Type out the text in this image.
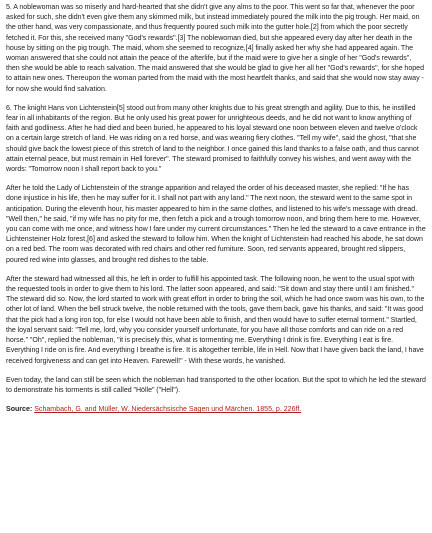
5. A noblewoman was so miserly and hard-hearted that she didn't give any alms to the poor. This went so far that, whenever the poor asked for such, she didn't even give them any skimmed milk, but instead immediately poured the milk into the pig trough. Her maid, on the other hand, was very compassionate, and thus frequently poured such milk into the gutter hole.[2] from which the poor secretly fetched it. For this, she received many "God's rewards".[3] The noblewoman died, but she appeared every day after her death in the house by sitting on the pig trough. The maid, whom she seemed to recognize,[4] finally asked her why she had appeared again. The woman answered that she could not attain the peace of the afterlife, but if the maid were to give her a single of her "God's rewards", then she would be able to reach salvation. The maid answered that she would be glad to give her all her "God's rewards", for she hoped to attain new ones. Thereupon the woman parted from the maid with the most heartfelt thanks, and said that she would now stay away - for now she would find salvation.

6. The knight Hans von Lichtenstein[5] stood out from many other knights due to his great strength and agility. Due to this, he instilled fear in all inhabitants of the region. But he only used his great power for unrighteous deeds, and he did not want to know anything of faith and godliness. After he had died and been buried, he appeared to his loyal steward one noon between eleven and twelve o'clock on a certain large stretch of land. He was riding on a red horse, and was wearing fiery clothes. "Tell my wife", said the ghost, "that she should give back the lowest piece of this stretch of land to the neighbor. I once gained this land thanks to a false oath, and thus cannot attain eternal peace, but must remain in Hell forever". The steward promised to faithfully convey his wishes, and went away with the words: "Tomorrow noon I shall report back to you."

After he told the Lady of Lichtenstein of the strange apparition and relayed the order of his deceased master, she replied: "If he has done injustice in his life, then he may suffer for it. I shall not part with any land." The next noon, the steward went to the same spot in anticipation. During the eleventh hour, his master appeared to him in the same clothes, and listened to his wife's message with dread. "Well then," he said, "if my wife has no pity for me, then fetch a pick and a trough tomorrow noon, and bring them here to me. However, you can come with me once, and witness how I fare under my current circumstances." Then he led the steward to a cave entrance in the Lichtensteiner Holz forest,[6] and asked the steward to follow him. When the knight of Lichtenstein had reached his abode, he sat down on a red bed. The room was decorated with red chairs and other red furniture. Soon, red servants appeared, brought red slippers, poured red wine into glasses, and brought red dishes to the table.

After the steward had witnessed all this, he left in order to fulfill his appointed task. The following noon, he went to the usual spot with the requested tools in order to give them to his lord. The latter soon appeared, and said: "Sit down and stay there until I am finished." The steward did so. Now, the lord started to work with great effort in order to bring the soil, which he had once sworn was his own, to the other lot of land. When the bell struck twelve, the noble returned with the tools, gave them back, gave his thanks, and said: "It was good that the pick had a long iron top, for else I would not have been able to finish, and then would have to suffer eternal torment." Startled, the loyal servant said: "Tell me, lord, why you consider yourself unfortunate, for you have all those comforts and can ride on a red horse." "Oh", replied the nobleman, "it is precisely this, what is tormenting me. Everything I drink is fire. Everything I eat is fire. Everything I ride on is fire. And everything I breathe is fire. It is altogether terrible, life in Hell. Now that I have given back the land, I have received forgiveness and can get into Heaven. Farewell!" - With these words, he vanished.

Even today, the land can still be seen which the nobleman had transported to the other location. But the spot to which he led the steward to demonstrate his torments is still called "Hölle" ("Hell").

Source: Schambach, G. and Müller, W. Niedersächsische Sagen und Märchen. 1855, p. 226ff.
